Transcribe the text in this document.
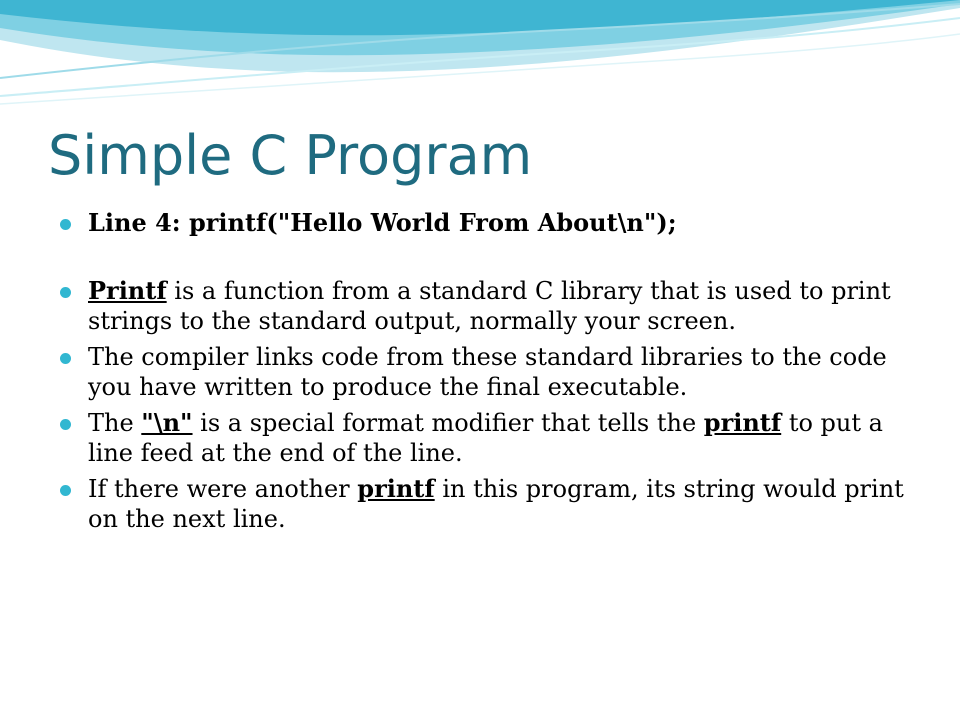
Simple C Program
Line 4: printf("Hello World From About\n");
Printf is a function from a standard C library that is used to print strings to the standard output, normally your screen.
The compiler links code from these standard libraries to the code you have written to produce the final executable.
The "\n" is a special format modifier that tells the printf to put a line feed at the end of the line.
If there were another printf in this program, its string would print on the next line.
